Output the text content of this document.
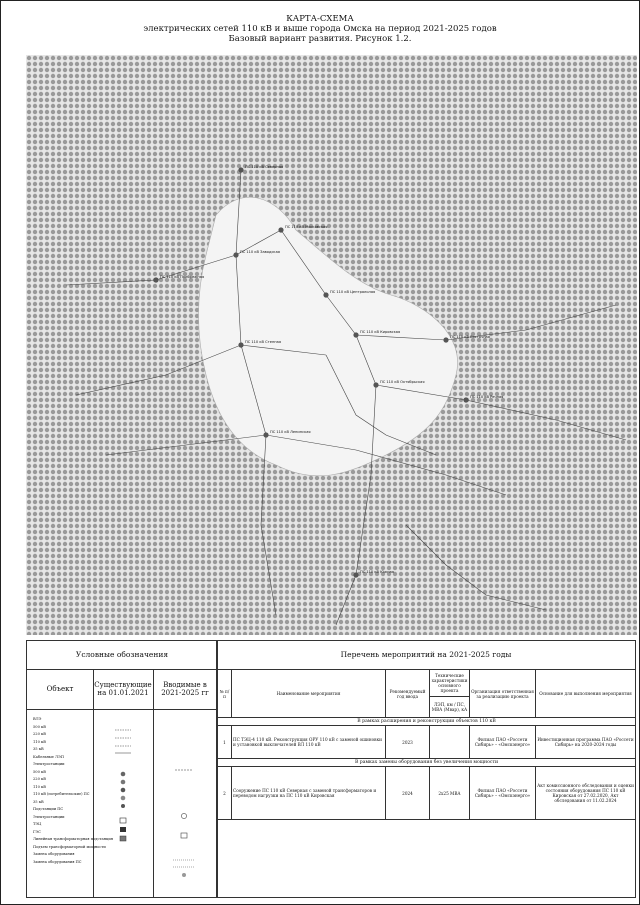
КАРТА-СХЕМА
электрических сетей 110 кВ и выше города Омска на период 2021-2025 годов
Базовый вариант развития. Рисунок 1.2.
ПС 110 кВ Прибрежная
ПС 110 кВ Московская
ПС 110 кВ Заводская
ПС 110 кВ Кировская
ПС 110 кВ Центральная
ПС 110 кВ Октябрьская
ПС 110 кВ Степная
ПС 110 кВ Ленинская
ПС 110 кВ Восточная
ПС 110 кВ Северная
ПС 110 кВ Южная
ПС 110 кВ Речная
Условные обозначения
Объект
ВЛЭ
500 кВ
220 кВ
110 кВ
35 кВ
Кабельные ЛЭП
Электростанции
500 кВ
220 кВ
110 кВ
110 кВ (потребительские) ПС
35 кВ
Подстанции ПС
Электростанции
ТЭЦ
ГЭС
Линейная трансформаторная подстанция
Подъем трансформаторной мощности
Замена оборудования
Замена оборудования ПС
Существующие на 01.01.2021
Вводимые в 2021-2025 гг
Перечень мероприятий на 2021-2025 годы
№ п/п	Наименование мероприятия	Рекомендуемый год ввода	Технические характеристики основного проекта	Организация ответственная за реализацию проекта	Основание для выполнения мероприятия
			ЛЭП, км / ПС, МВА (Мвар), кА		
В рамках расширения и реконструкции объектов 110 кВ					
1	ПС ТЭЦ-4 110 кВ. Реконструкция ОРУ 110 кВ с заменой ошиновки и установкой выключателей ВЛ 110 кВ	2023		Филиал ПАО «Россети Сибирь» – «Омскэнерго»	Инвестиционная программа ПАО «Россети Сибирь» на 2020-2024 годы
В рамках замены оборудования без увеличения мощности					
2	Сооружение ПС 110 кВ Северная с заменой трансформаторов и переводом нагрузки на ПС 110 кВ Кировская	2024	2х25 МВА	Филиал ПАО «Россети Сибирь» – «Омскэнерго»	Акт комиссионного обследования и оценки состояния оборудования ПС 110 кВ Кировская от 27.02.2020, Акт обследования от 11.02.2024
